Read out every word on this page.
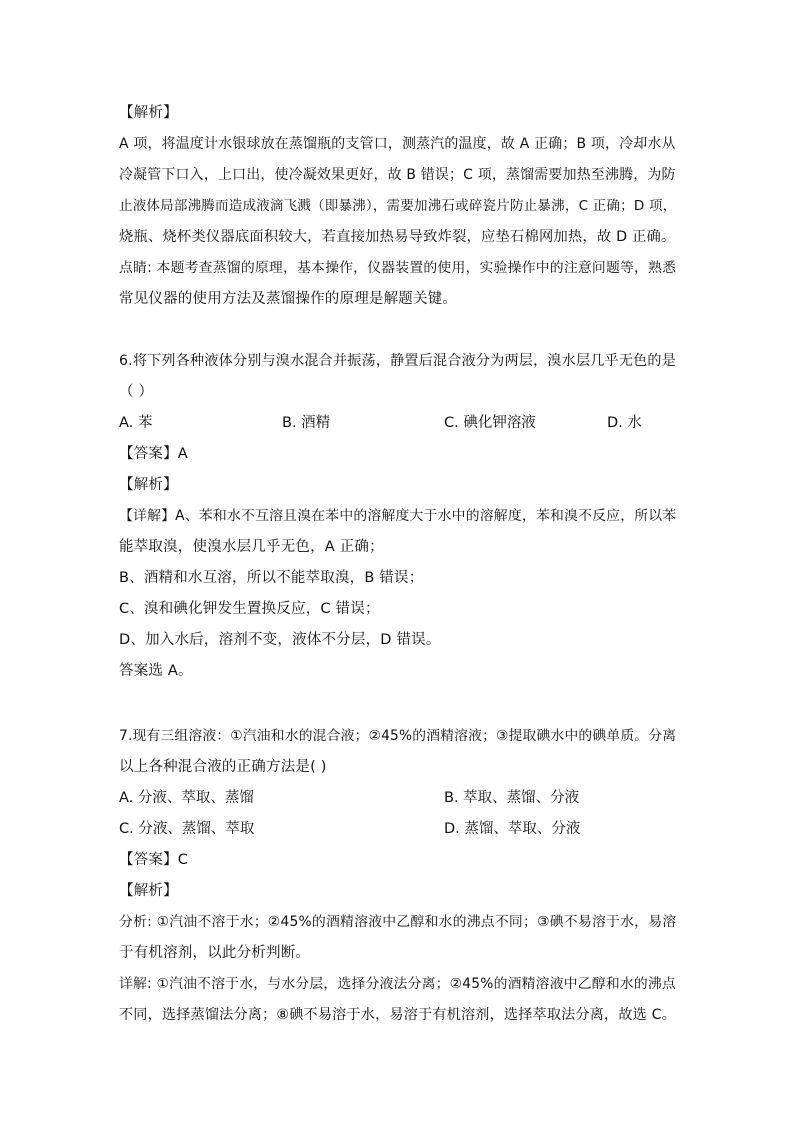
【解析】
A 项，将温度计水银球放在蒸馏瓶的支管口，测蒸汽的温度，故 A 正确；B 项，冷却水从
冷凝管下口入，上口出，使冷凝效果更好，故 B 错误；C 项，蒸馏需要加热至沸腾，为防
止液体局部沸腾而造成液滴飞溅（即暴沸），需要加沸石或碎瓷片防止暴沸，C 正确；D 项，
烧瓶、烧杯类仪器底面积较大，若直接加热易导致炸裂，应垫石棉网加热，故 D 正确。
点睛: 本题考查蒸馏的原理，基本操作，仪器装置的使用，实验操作中的注意问题等，熟悉
常见仪器的使用方法及蒸馏操作的原理是解题关键。
6.将下列各种液体分别与溴水混合并振荡，静置后混合液分为两层，溴水层几乎无色的是
（ ）
A. 苯	B. 酒精	C. 碘化钾溶液	D. 水
【答案】A
【解析】
【详解】A、苯和水不互溶且溴在苯中的溶解度大于水中的溶解度，苯和溴不反应，所以苯
能萃取溴，使溴水层几乎无色，A 正确；
B、酒精和水互溶，所以不能萃取溴，B 错误；
C、溴和碘化钾发生置换反应，C 错误；
D、加入水后，溶剂不变，液体不分层，D 错误。
答案选 A。
7.现有三组溶液：①汽油和水的混合液；②45%的酒精溶液；③提取碘水中的碘单质。分离
以上各种混合液的正确方法是( )
A. 分液、萃取、蒸馏	B. 萃取、蒸馏、分液
C. 分液、蒸馏、萃取	D. 蒸馏、萃取、分液
【答案】C
【解析】
分析: ①汽油不溶于水；②45%的酒精溶液中乙醇和水的沸点不同；③碘不易溶于水，易溶
于有机溶剂，以此分析判断。
详解: ①汽油不溶于水，与水分层，选择分液法分离；②45%的酒精溶液中乙醇和水的沸点
不同，选择蒸馏法分离；⑧碘不易溶于水，易溶于有机溶剂，选择萃取法分离，故选 C。
